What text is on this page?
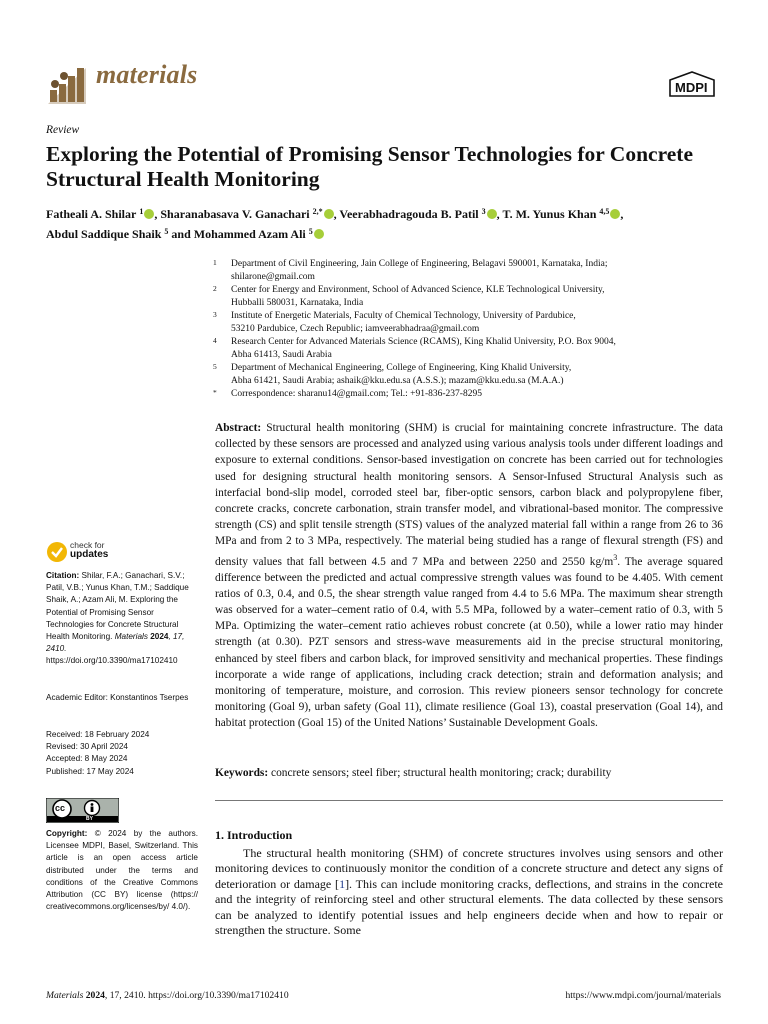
materials	MDPI
Review
Exploring the Potential of Promising Sensor Technologies for Concrete Structural Health Monitoring
Fatheali A. Shilar $^1$ , Sharanabasava V. Ganachari $^{2,*}$ , Veerabhadragouda B. Patil $^3$ , T. M. Yunus Khan $^{4,5}$ ,
Abdul Saddique Shaik $^5$ and Mohammed Azam Ali $^5$
1 Department of Civil Engineering, Jain College of Engineering, Belagavi 590001, Karnataka, India;
shilarone@gmail.com
2 Center for Energy and Environment, School of Advanced Science, KLE Technological University,
Hubballi 580031, Karnataka, India
3 Institute of Energetic Materials, Faculty of Chemical Technology, University of Pardubice,
53210 Pardubice, Czech Republic; iamveerabhadraa@gmail.com
4 Research Center for Advanced Materials Science (RCAMS), King Khalid University, P.O. Box 9004,
Abha 61413, Saudi Arabia
5 Department of Mechanical Engineering, College of Engineering, King Khalid University,
Abha 61421, Saudi Arabia; ashaik@kku.edu.sa (A.S.S.); mazam@kku.edu.sa (M.A.A.)
* Correspondence: sharanu14@gmail.com; Tel.: +91-836-237-8295
Abstract: Structural health monitoring (SHM) is crucial for maintaining concrete infrastructure. The data collected by these sensors are processed and analyzed using various analysis tools under different loadings and exposure to external conditions. Sensor-based investigation on concrete has been carried out for technologies used for designing structural health monitoring sensors. A Sensor-Infused Structural Analysis such as interfacial bond-slip model, corroded steel bar, fiber-optic sensors, carbon black and polypropylene fiber, concrete cracks, concrete carbonation, strain transfer model, and vibrational-based monitor. The compressive strength (CS) and split tensile strength (STS) values of the analyzed material fall within a range from 26 to 36 MPa and from 2 to 3 MPa, respectively. The material being studied has a range of flexural strength (FS) and density values that fall between 4.5 and 7 MPa and between 2250 and 2550 $kg/m^3$. The average squared difference between the predicted and actual compressive strength values was found to be 4.405. With cement ratios of 0.3, 0.4, and 0.5, the shear strength value ranged from 4.4 to 5.6 MPa. The maximum shear strength was observed for a water–cement ratio of 0.4, with 5.5 MPa, followed by a water–cement ratio of 0.3, with 5 MPa. Optimizing the water–cement ratio achieves robust concrete (at 0.50), while a lower ratio may hinder strength (at 0.30). PZT sensors and stress-wave measurements aid in the precise structural monitoring, enhanced by steel fibers and carbon black, for improved sensitivity and mechanical properties. These findings incorporate a wide range of applications, including crack detection; strain and deformation analysis; and monitoring of temperature, moisture, and corrosion. This review pioneers sensor technology for concrete monitoring (Goal 9), urban safety (Goal 11), climate resilience (Goal 13), coastal preservation (Goal 14), and habitat protection (Goal 15) of the United Nations’ Sustainable Development Goals.
Keywords: concrete sensors; steel fiber; structural health monitoring; crack; durability
1. Introduction

The structural health monitoring (SHM) of concrete structures involves using sensors and other monitoring devices to continuously monitor the condition of a concrete structure and detect any signs of deterioration or damage [1]. This can include monitoring cracks, deflections, and strains in the concrete and the integrity of reinforcing steel and other structural elements. The data collected by these sensors can be analyzed to identify potential issues and help engineers decide when and how to repair or strengthen the structure. Some

check for
updates
Citation: Shilar, F.A.; Ganachari, S.V.; Patil, V.B.; Yunus Khan, T.M.; Saddique Shaik, A.; Azam Ali, M. Exploring the Potential of Promising Sensor Technologies for Concrete Structural Health Monitoring. Materials 2024, 17, 2410. https://doi.org/10.3390/ma17102410
Academic Editor: Konstantinos Tserpes
Received: 18 February 2024
Revised: 30 April 2024
Accepted: 8 May 2024
Published: 17 May 2024
cc
BY
Copyright: © 2024 by the authors. Licensee MDPI, Basel, Switzerland. This article is an open access article distributed under the terms and conditions of the Creative Commons Attribution (CC BY) license (https:// creativecommons.org/licenses/by/ 4.0/).
Materials 2024, 17, 2410. https://doi.org/10.3390/ma17102410	https://www.mdpi.com/journal/materials
